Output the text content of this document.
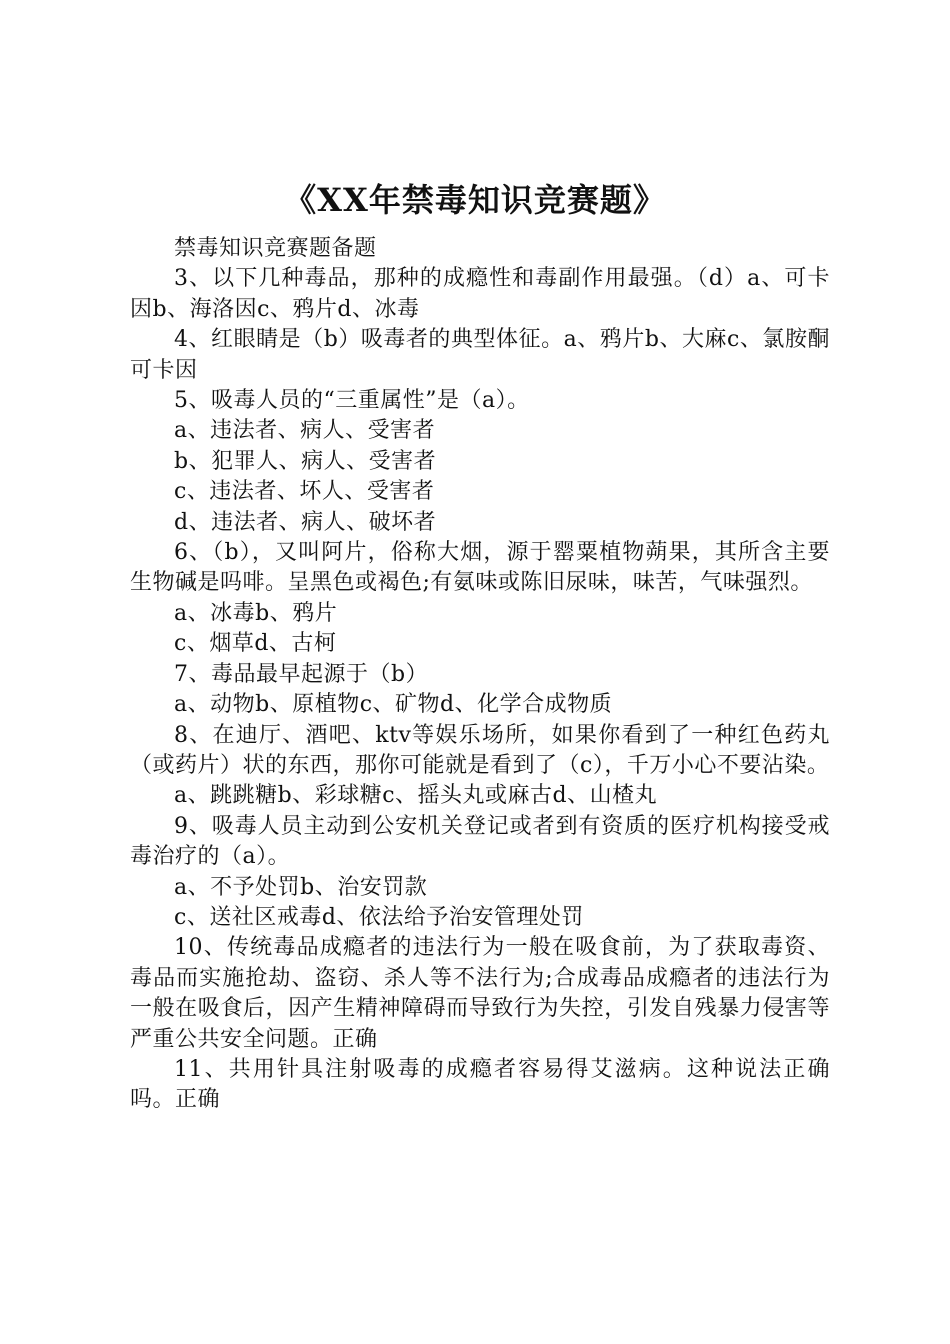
《XX年禁毒知识竞赛题》

禁毒知识竞赛题备题

3、以下几种毒品，那种的成瘾性和毒副作用最强。（d）a、可卡因b、海洛因c、鸦片d、冰毒

4、红眼睛是（b）吸毒者的典型体征。a、鸦片b、大麻c、氯胺酮可卡因

5、吸毒人员的“三重属性”是（a）。

a、违法者、病人、受害者

b、犯罪人、病人、受害者

c、违法者、坏人、受害者

d、违法者、病人、破坏者

6、（b），又叫阿片，俗称大烟，源于罂粟植物蒴果，其所含主要生物碱是吗啡。呈黑色或褐色;有氨味或陈旧尿味，味苦，气味强烈。

a、冰毒b、鸦片

c、烟草d、古柯

7、毒品最早起源于（b）

a、动物b、原植物c、矿物d、化学合成物质

8、在迪厅、酒吧、ktv等娱乐场所，如果你看到了一种红色药丸（或药片）状的东西，那你可能就是看到了（c），千万小心不要沾染。

a、跳跳糖b、彩球糖c、摇头丸或麻古d、山楂丸

9、吸毒人员主动到公安机关登记或者到有资质的医疗机构接受戒毒治疗的（a）。

a、不予处罚b、治安罚款

c、送社区戒毒d、依法给予治安管理处罚

10、传统毒品成瘾者的违法行为一般在吸食前，为了获取毒资、毒品而实施抢劫、盗窃、杀人等不法行为;合成毒品成瘾者的违法行为一般在吸食后，因产生精神障碍而导致行为失控，引发自残暴力侵害等严重公共安全问题。正确

11、共用针具注射吸毒的成瘾者容易得艾滋病。这种说法正确吗。正确
